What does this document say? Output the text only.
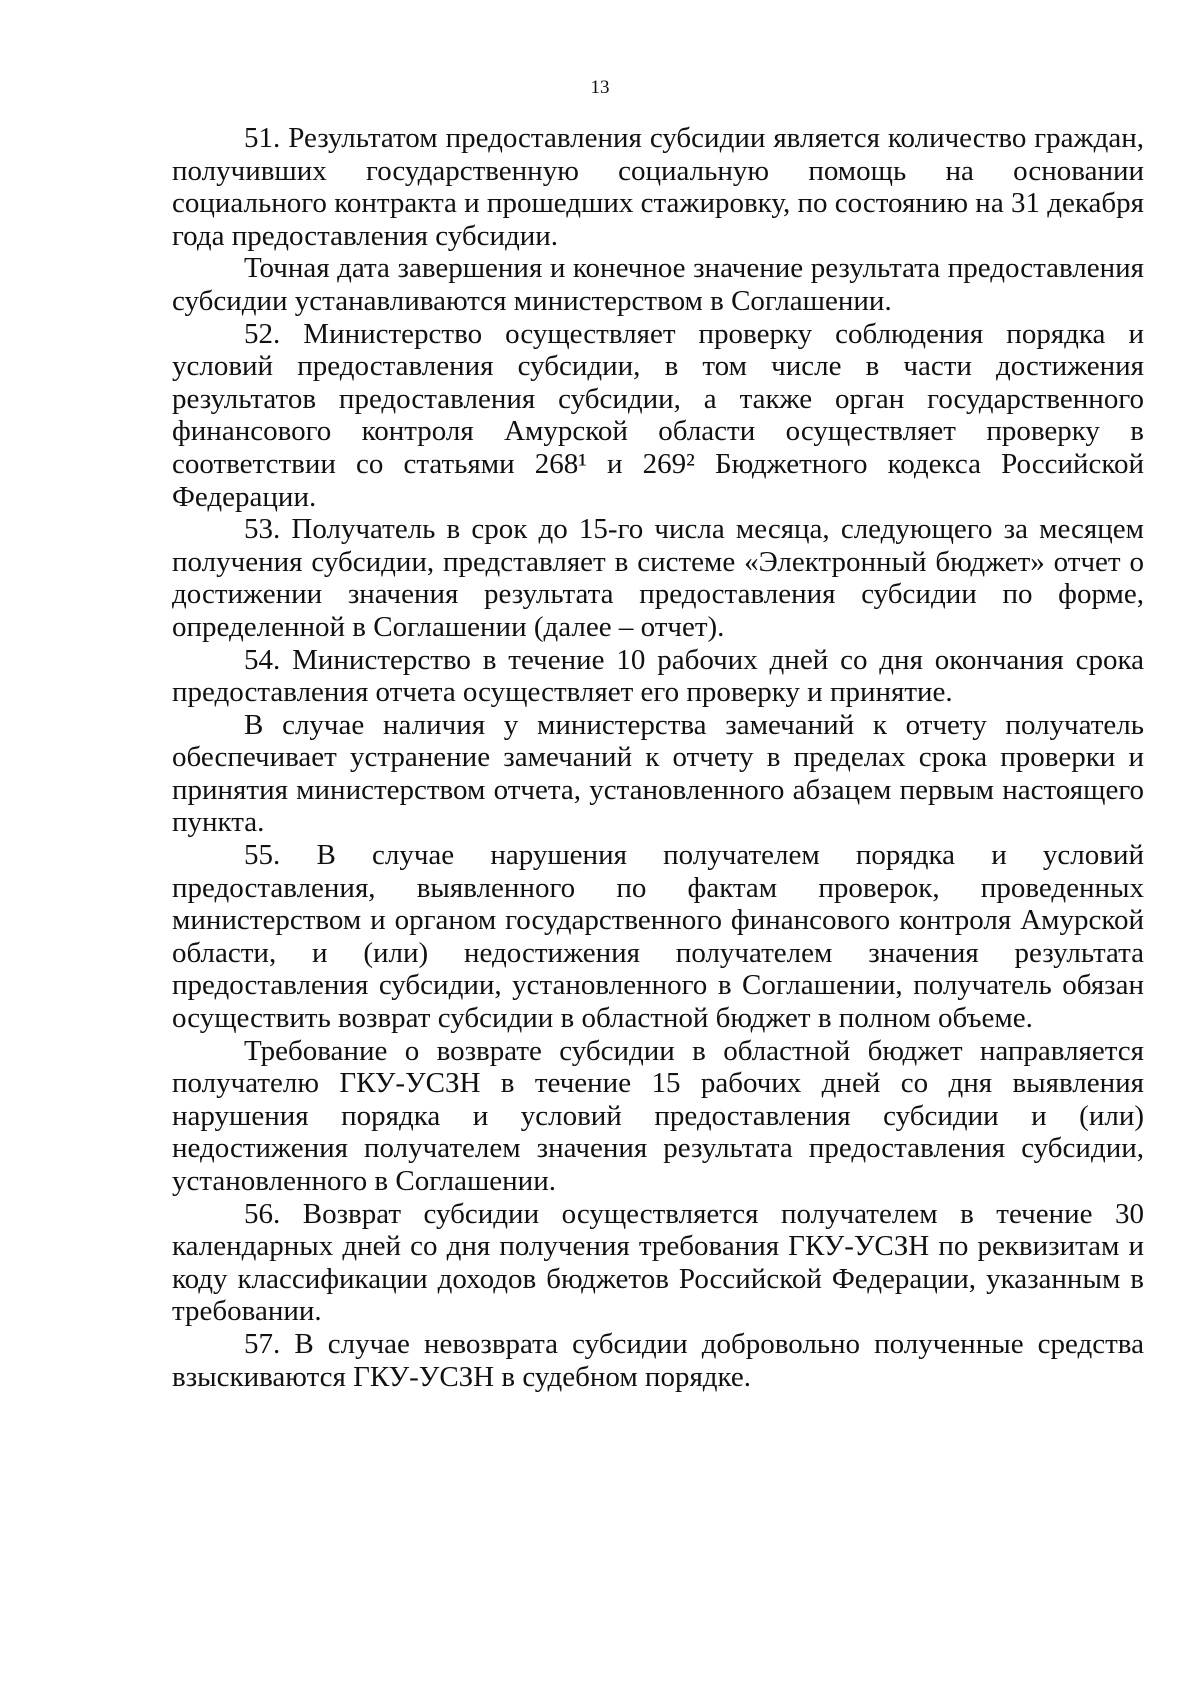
13

51. Результатом предоставления субсидии является количество граждан, получивших государственную социальную помощь на основании социального контракта и прошедших стажировку, по состоянию на 31 декабря года предоставления субсидии.

Точная дата завершения и конечное значение результата предоставления субсидии устанавливаются министерством в Соглашении.

52. Министерство осуществляет проверку соблюдения порядка и условий предоставления субсидии, в том числе в части достижения результатов предоставления субсидии, а также орган государственного финансового контроля Амурской области осуществляет проверку в соответствии со статьями 268¹ и 269² Бюджетного кодекса Российской Федерации.

53. Получатель в срок до 15-го числа месяца, следующего за месяцем получения субсидии, представляет в системе «Электронный бюджет» отчет о достижении значения результата предоставления субсидии по форме, определенной в Соглашении (далее – отчет).

54. Министерство в течение 10 рабочих дней со дня окончания срока предоставления отчета осуществляет его проверку и принятие.

В случае наличия у министерства замечаний к отчету получатель обеспечивает устранение замечаний к отчету в пределах срока проверки и принятия министерством отчета, установленного абзацем первым настоящего пункта.

55. В случае нарушения получателем порядка и условий предоставления, выявленного по фактам проверок, проведенных министерством и органом государственного финансового контроля Амурской области, и (или) недостижения получателем значения результата предоставления субсидии, установленного в Соглашении, получатель обязан осуществить возврат субсидии в областной бюджет в полном объеме.

Требование о возврате субсидии в областной бюджет направляется получателю ГКУ-УСЗН в течение 15 рабочих дней со дня выявления нарушения порядка и условий предоставления субсидии и (или) недостижения получателем значения результата предоставления субсидии, установленного в Соглашении.

56. Возврат субсидии осуществляется получателем в течение 30 календарных дней со дня получения требования ГКУ-УСЗН по реквизитам и коду классификации доходов бюджетов Российской Федерации, указанным в требовании.

57. В случае невозврата субсидии добровольно полученные средства взыскиваются ГКУ-УСЗН в судебном порядке.
